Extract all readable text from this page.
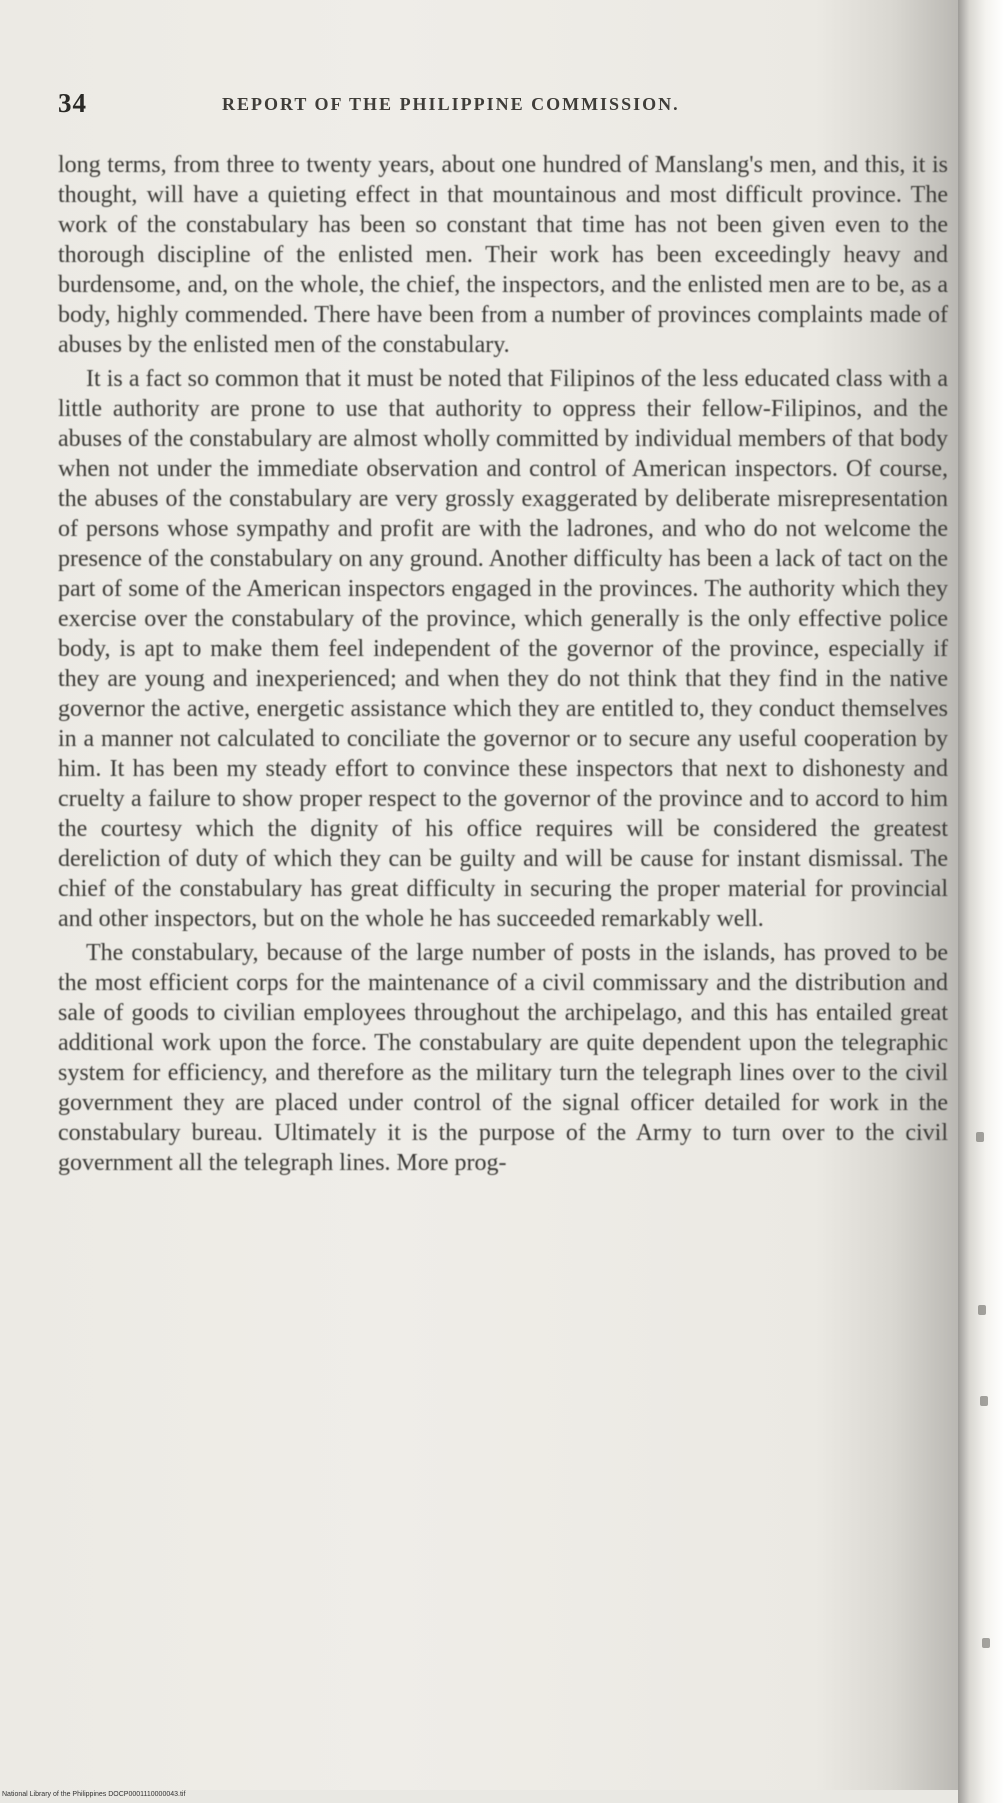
34	REPORT OF THE PHILIPPINE COMMISSION.

long terms, from three to twenty years, about one hundred of Manslang's men, and this, it is thought, will have a quieting effect in that mountainous and most difficult province. The work of the constabulary has been so constant that time has not been given even to the thorough discipline of the enlisted men. Their work has been exceedingly heavy and burdensome, and, on the whole, the chief, the inspectors, and the enlisted men are to be, as a body, highly commended. There have been from a number of provinces complaints made of abuses by the enlisted men of the constabulary.

It is a fact so common that it must be noted that Filipinos of the less educated class with a little authority are prone to use that authority to oppress their fellow-Filipinos, and the abuses of the constabulary are almost wholly committed by individual members of that body when not under the immediate observation and control of American inspectors. Of course, the abuses of the constabulary are very grossly exaggerated by deliberate misrepresentation of persons whose sympathy and profit are with the ladrones, and who do not welcome the presence of the constabulary on any ground. Another difficulty has been a lack of tact on the part of some of the American inspectors engaged in the provinces. The authority which they exercise over the constabulary of the province, which generally is the only effective police body, is apt to make them feel independent of the governor of the province, especially if they are young and inexperienced; and when they do not think that they find in the native governor the active, energetic assistance which they are entitled to, they conduct themselves in a manner not calculated to conciliate the governor or to secure any useful cooperation by him. It has been my steady effort to convince these inspectors that next to dishonesty and cruelty a failure to show proper respect to the governor of the province and to accord to him the courtesy which the dignity of his office requires will be considered the greatest dereliction of duty of which they can be guilty and will be cause for instant dismissal. The chief of the constabulary has great difficulty in securing the proper material for provincial and other inspectors, but on the whole he has succeeded remarkably well.

The constabulary, because of the large number of posts in the islands, has proved to be the most efficient corps for the maintenance of a civil commissary and the distribution and sale of goods to civilian employees throughout the archipelago, and this has entailed great additional work upon the force. The constabulary are quite dependent upon the telegraphic system for efficiency, and therefore as the military turn the telegraph lines over to the civil government they are placed under control of the signal officer detailed for work in the constabulary bureau. Ultimately it is the purpose of the Army to turn over to the civil government all the telegraph lines. More prog-

National Library of the Philippines DOCP0001110000043.tif
